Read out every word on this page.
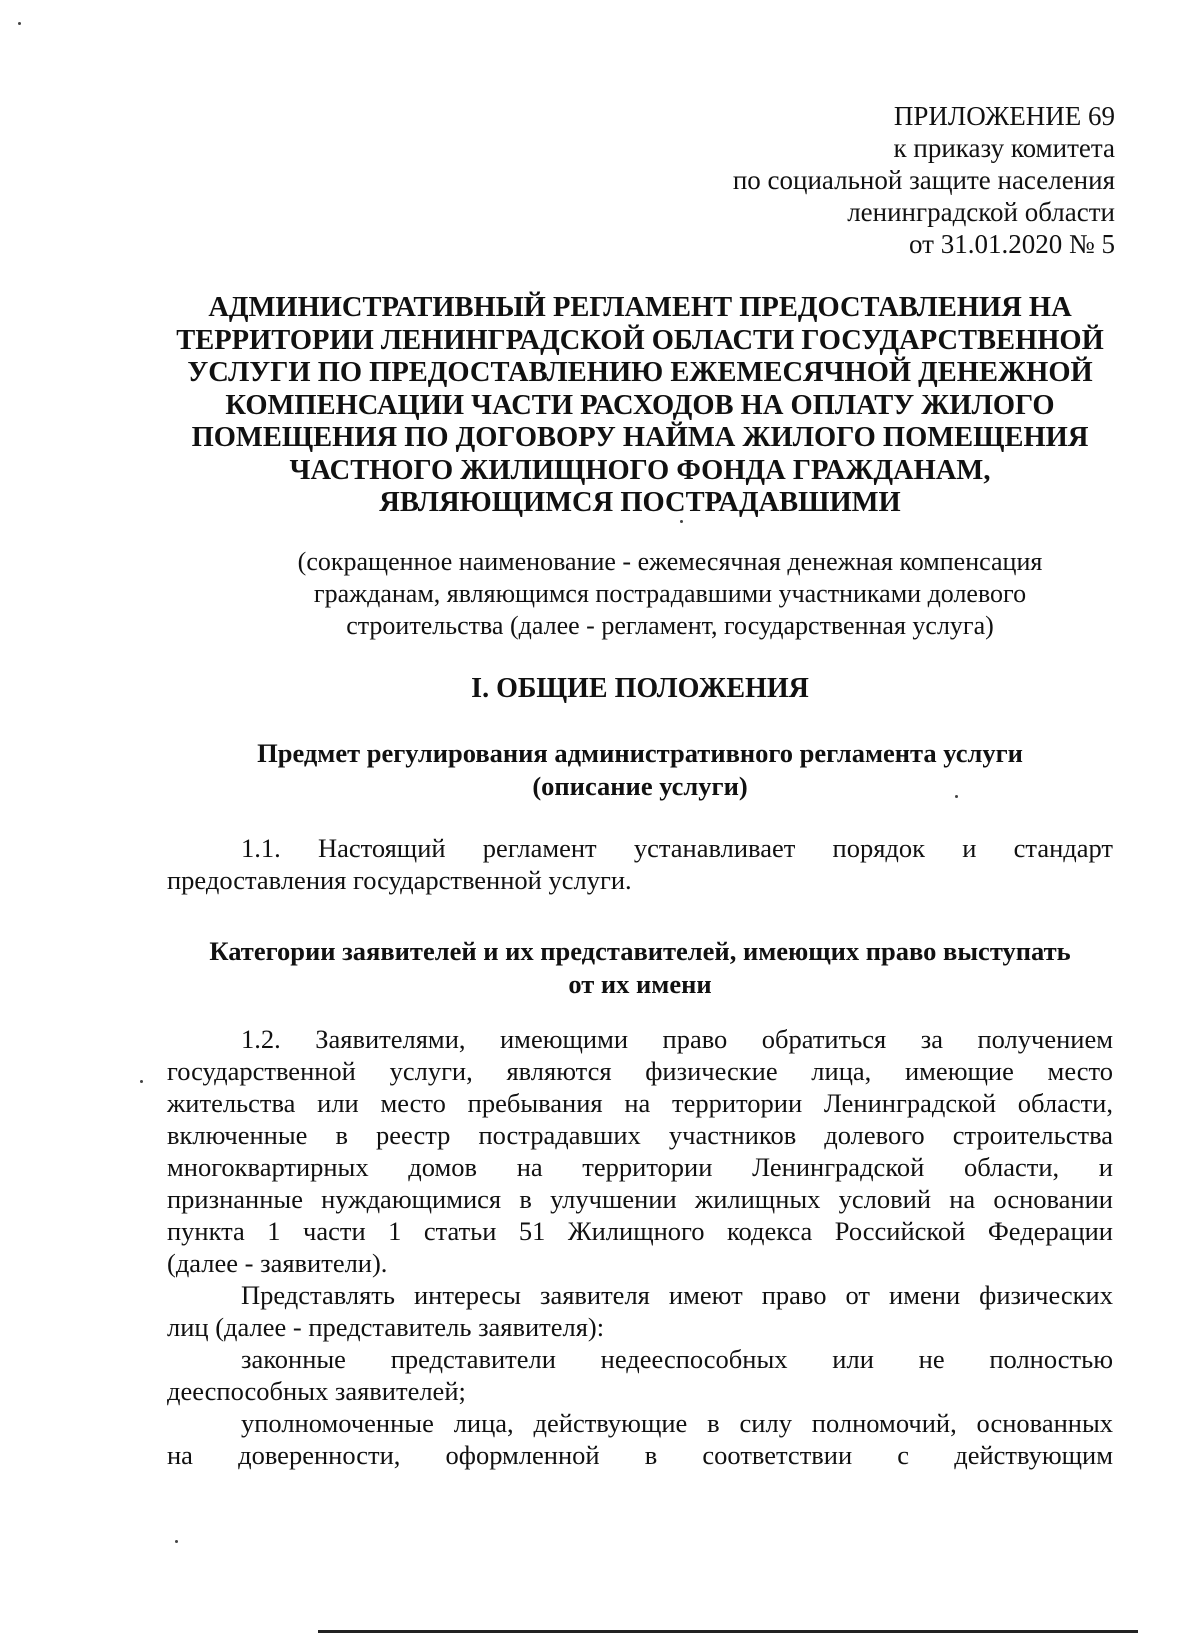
ПРИЛОЖЕНИЕ 69
к приказу комитета
по социальной защите населения
ленинградской области
от 31.01.2020 № 5
АДМИНИСТРАТИВНЫЙ РЕГЛАМЕНТ ПРЕДОСТАВЛЕНИЯ НА
ТЕРРИТОРИИ ЛЕНИНГРАДСКОЙ ОБЛАСТИ ГОСУДАРСТВЕННОЙ
УСЛУГИ ПО ПРЕДОСТАВЛЕНИЮ ЕЖЕМЕСЯЧНОЙ ДЕНЕЖНОЙ
КОМПЕНСАЦИИ ЧАСТИ РАСХОДОВ НА ОПЛАТУ ЖИЛОГО
ПОМЕЩЕНИЯ ПО ДОГОВОРУ НАЙМА ЖИЛОГО ПОМЕЩЕНИЯ
ЧАСТНОГО ЖИЛИЩНОГО ФОНДА ГРАЖДАНАМ,
ЯВЛЯЮЩИМСЯ ПОСТРАДАВШИМИ
(сокращенное наименование - ежемесячная денежная компенсация
гражданам, являющимся пострадавшими участниками долевого
строительства (далее - регламент, государственная услуга)
I. ОБЩИЕ ПОЛОЖЕНИЯ
Предмет регулирования административного регламента услуги
(описание услуги)
1.1. Настоящий регламент устанавливает порядок и стандарт
предоставления государственной услуги.
Категории заявителей и их представителей, имеющих право выступать
от их имени
1.2. Заявителями, имеющими право обратиться за получением
государственной услуги, являются физические лица, имеющие место
жительства или место пребывания на территории Ленинградской области,
включенные в реестр пострадавших участников долевого строительства
многоквартирных домов на территории Ленинградской области, и
признанные нуждающимися в улучшении жилищных условий на основании
пункта 1 части 1 статьи 51 Жилищного кодекса Российской Федерации
(далее - заявители).
Представлять интересы заявителя имеют право от имени физических
лиц (далее - представитель заявителя):
законные представители недееспособных или не полностью
дееспособных заявителей;
уполномоченные лица, действующие в силу полномочий, основанных
на доверенности, оформленной в соответствии с действующим
